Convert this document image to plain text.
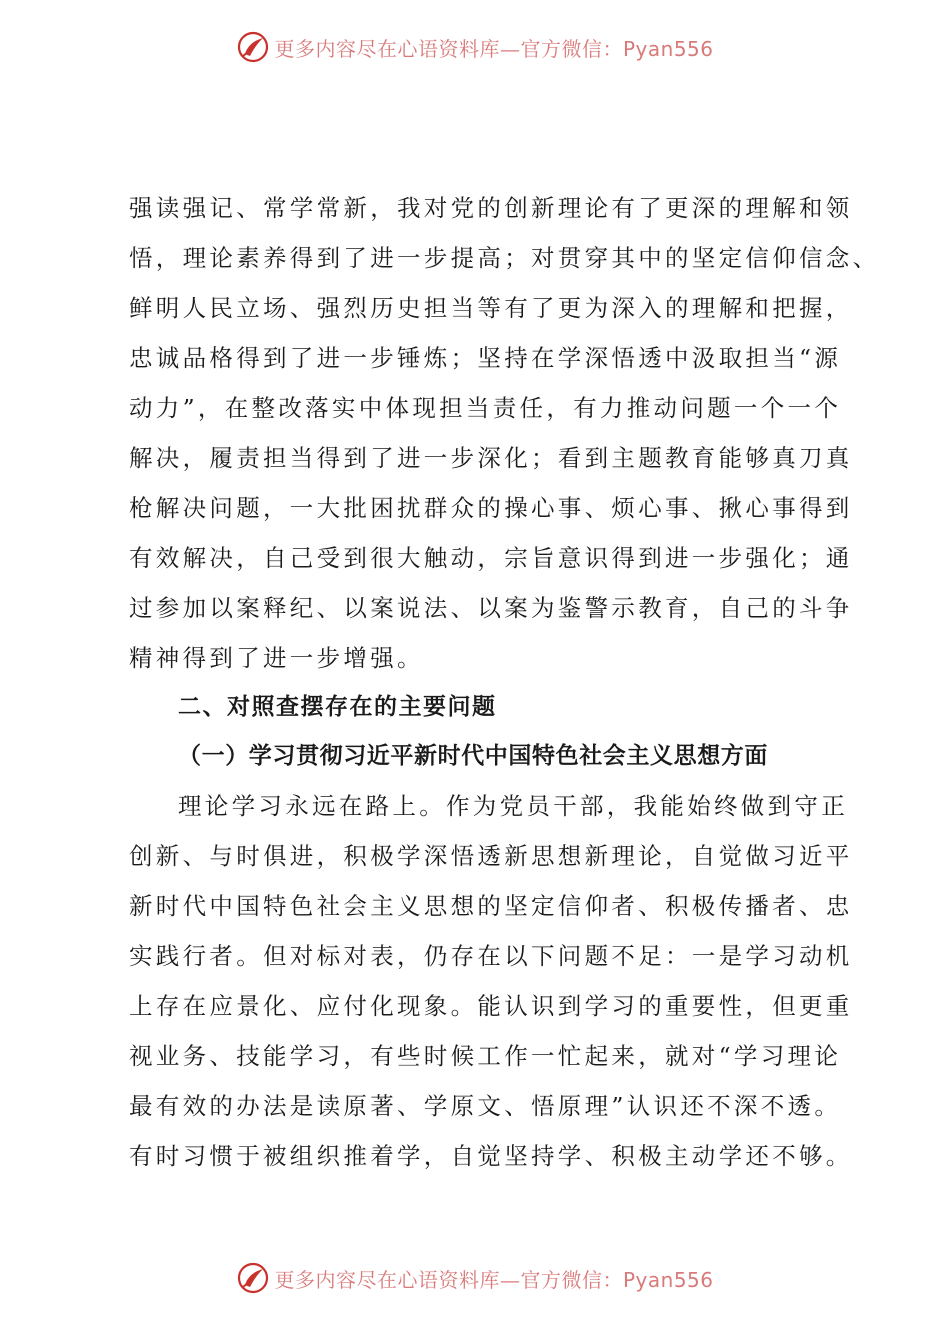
更多内容尽在心语资料库—官方微信：Pyan556
强读强记、常学常新，我对党的创新理论有了更深的理解和领
悟，理论素养得到了进一步提高；对贯穿其中的坚定信仰信念、
鲜明人民立场、强烈历史担当等有了更为深入的理解和把握，
忠诚品格得到了进一步锤炼；坚持在学深悟透中汲取担当“源
动力”，在整改落实中体现担当责任，有力推动问题一个一个
解决，履责担当得到了进一步深化；看到主题教育能够真刀真
枪解决问题，一大批困扰群众的操心事、烦心事、揪心事得到
有效解决，自己受到很大触动，宗旨意识得到进一步强化；通
过参加以案释纪、以案说法、以案为鉴警示教育，自己的斗争
精神得到了进一步增强。
二、对照查摆存在的主要问题
（一）学习贯彻习近平新时代中国特色社会主义思想方面
理论学习永远在路上。作为党员干部，我能始终做到守正
创新、与时俱进，积极学深悟透新思想新理论，自觉做习近平
新时代中国特色社会主义思想的坚定信仰者、积极传播者、忠
实践行者。但对标对表，仍存在以下问题不足：一是学习动机
上存在应景化、应付化现象。能认识到学习的重要性，但更重
视业务、技能学习，有些时候工作一忙起来，就对“学习理论
最有效的办法是读原著、学原文、悟原理”认识还不深不透。
有时习惯于被组织推着学，自觉坚持学、积极主动学还不够。
更多内容尽在心语资料库—官方微信：Pyan556
